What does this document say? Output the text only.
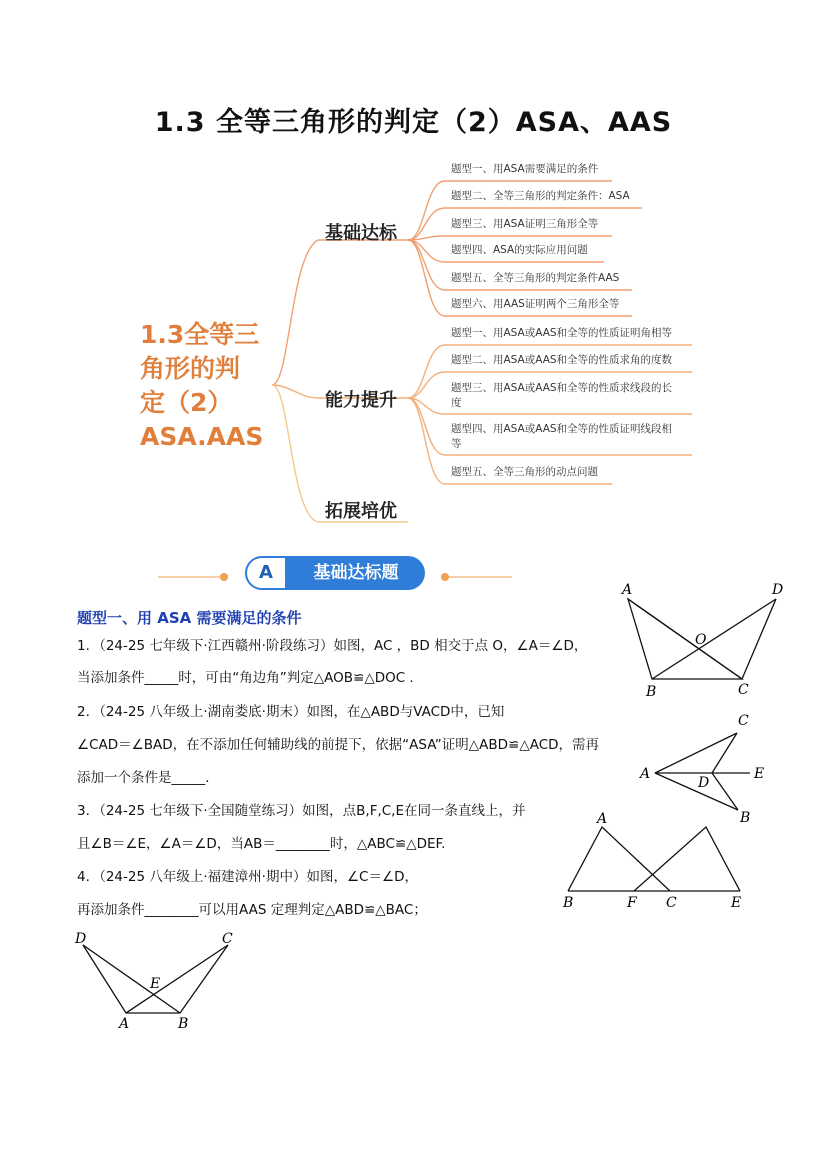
1.3 全等三角形的判定（2）ASA、AAS
1.3全等三
角形的判
定（2）
ASA.AAS
基础达标
能力提升
拓展培优
题型一、用ASA需要满足的条件
题型二、全等三角形的判定条件：ASA
题型三、用ASA证明三角形全等
题型四、ASA的实际应用问题
题型五、全等三角形的判定条件AAS
题型六、用AAS证明两个三角形全等
题型一、用ASA或AAS和全等的性质证明角相等
题型二、用ASA或AAS和全等的性质求角的度数
题型三、用ASA或AAS和全等的性质求线段的长
度
题型四、用ASA或AAS和全等的性质证明线段相
等
题型五、全等三角形的动点问题
A	基础达标题
题型一、用 ASA 需要满足的条件
1．（24-25 七年级下·江西赣州·阶段练习）如图，AC ，BD 相交于点 O，∠A＝∠D，
当添加条件_____时，可由“角边角”判定△AOB≌△DOC .
2．（24-25 八年级上·湖南娄底·期末）如图，在△ABD与VACD中，已知
∠CAD＝∠BAD，在不添加任何辅助线的前提下，依据“ASA”证明△ABD≌△ACD，需再
添加一个条件是_____.
3．（24-25 七年级下·全国随堂练习）如图，点B,F,C,E在同一条直线上，并
且∠B＝∠E，∠A＝∠D，当AB＝________时，△ABC≌△DEF.
4．（24-25 八年级上·福建漳州·期中）如图，∠C＝∠D，
再添加条件________可以用AAS 定理判定△ABD≌△BAC；
A	D
O
B	C
C
A
D
E
B
A
B	F C	E
D	C
E
A	B
